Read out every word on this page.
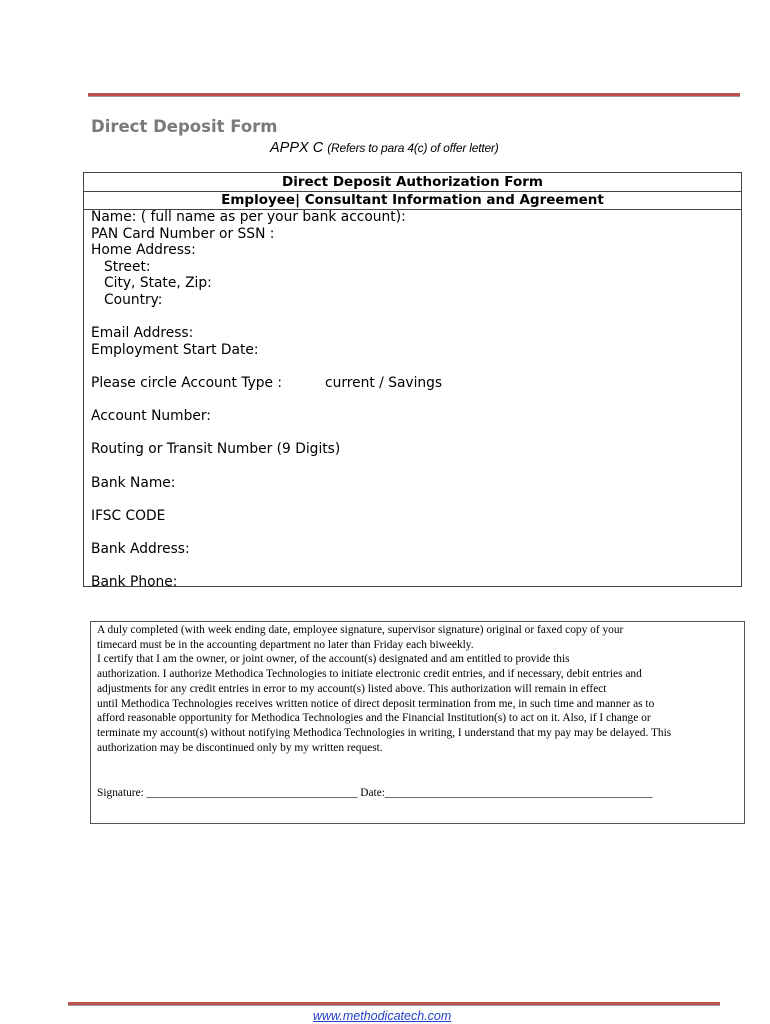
Direct Deposit Form
APPX C (Refers to para 4(c) of offer letter)
Direct Deposit Authorization Form
Employee| Consultant Information and Agreement
Name: ( full name as per your bank account):
PAN Card Number or SSN :
Home Address:
Street:
City, State, Zip:
Country:
Email Address:
Employment Start Date:
Please circle Account Type :	current / Savings
Account Number:
Routing or Transit Number (9 Digits)
Bank Name:
IFSC CODE
Bank Address:
Bank Phone:
A duly completed (with week ending date, employee signature, supervisor signature) original or faxed copy of your
timecard must be in the accounting department no later than Friday each biweekly.
I certify that I am the owner, or joint owner, of the account(s) designated and am entitled to provide this
authorization. I authorize Methodica Technologies to initiate electronic credit entries, and if necessary, debit entries and
adjustments for any credit entries in error to my account(s) listed above. This authorization will remain in effect
until Methodica Technologies receives written notice of direct deposit termination from me, in such time and manner as to
afford reasonable opportunity for Methodica Technologies and the Financial Institution(s) to act on it. Also, if I change or
terminate my account(s) without notifying Methodica Technologies in writing, I understand that my pay may be delayed. This
authorization may be discontinued only by my written request.
Signature: _____________________________________ Date:_______________________________________________
www.methodicatech.com
